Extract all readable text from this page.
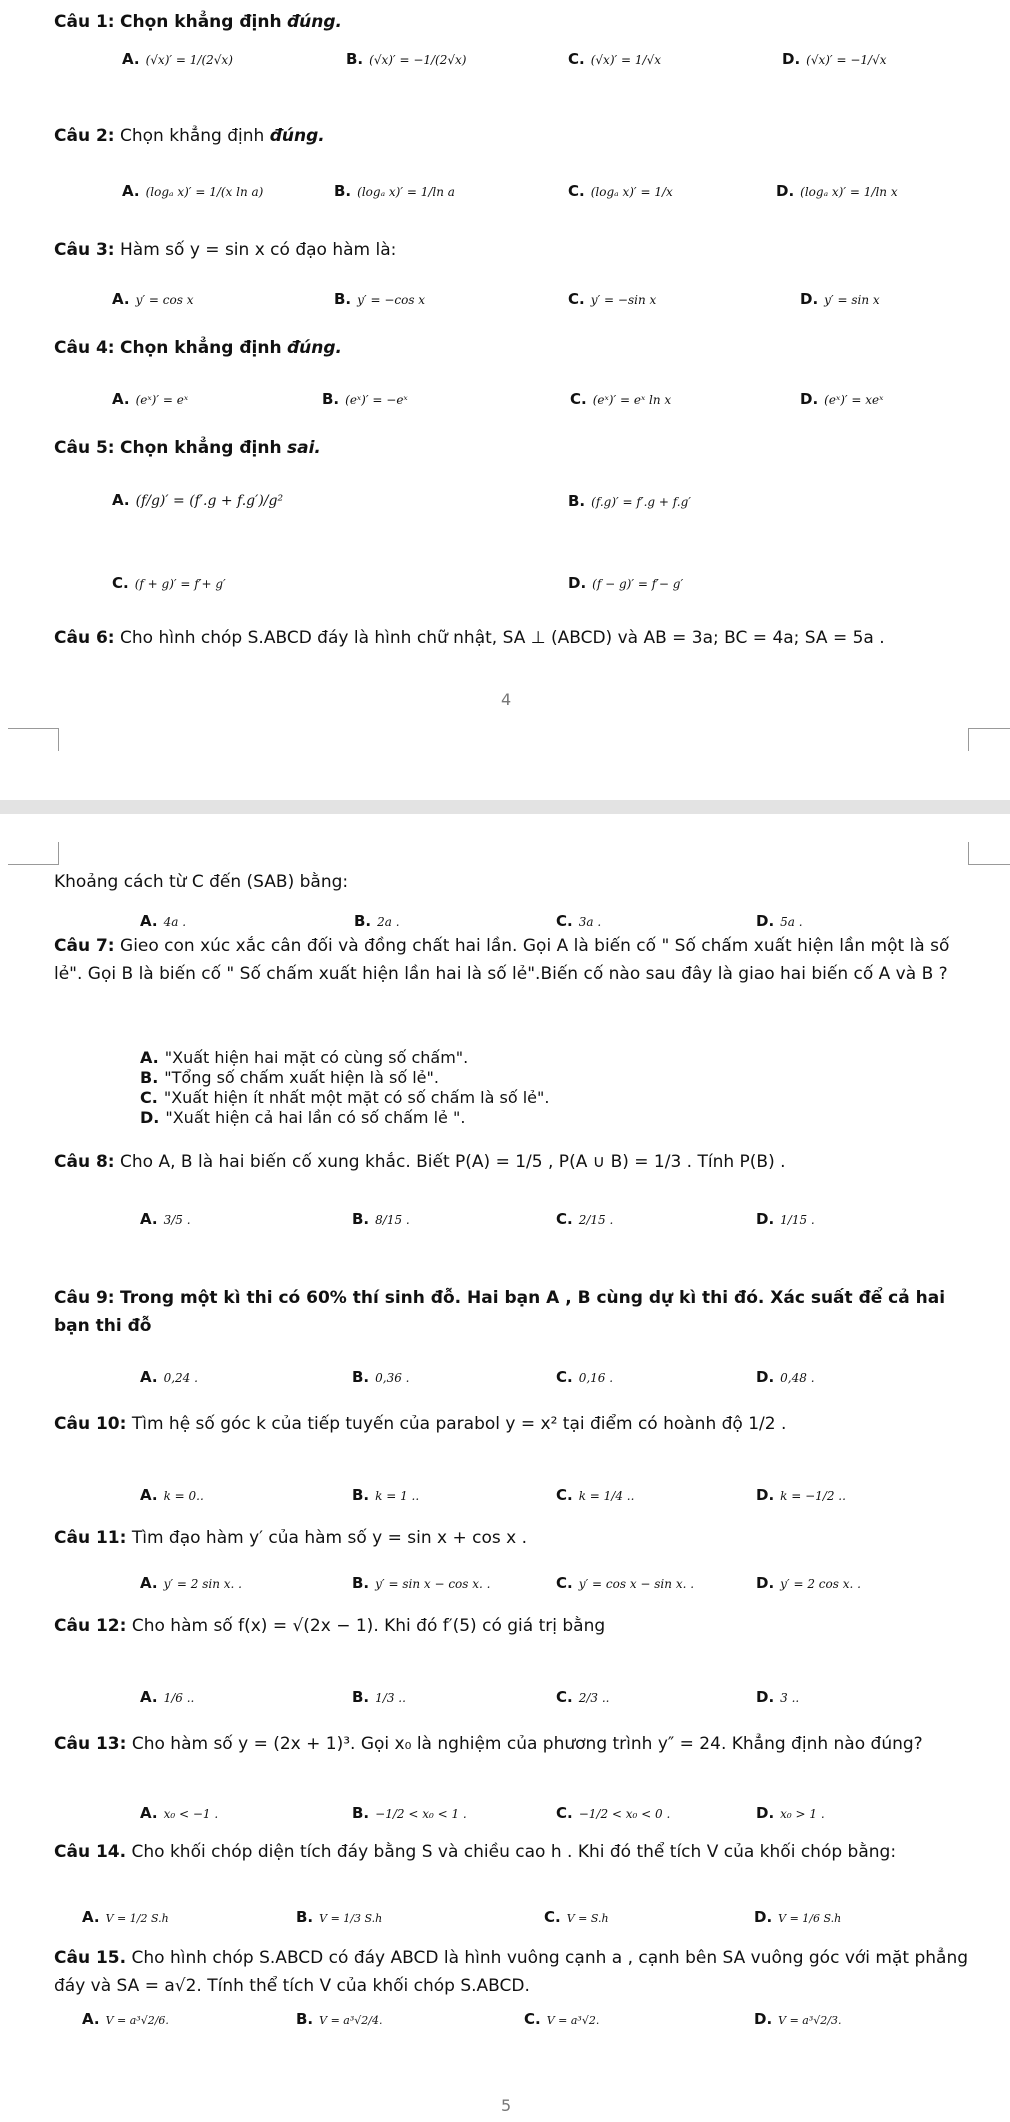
Câu 1: Chọn khẳng định đúng.
A. (√x)′ = 1/(2√x)	B. (√x)′ = −1/(2√x)	C. (√x)′ = 1/√x	D. (√x)′ = −1/√x
Câu 2: Chọn khẳng định đúng.
A. (logₐ x)′ = 1/(x ln a)	B. (logₐ x)′ = 1/ln a	C. (logₐ x)′ = 1/x	D. (logₐ x)′ = 1/ln x
Câu 3: Hàm số y = sin x có đạo hàm là:
A. y′ = cos x	B. y′ = −cos x	C. y′ = −sin x	D. y′ = sin x
Câu 4: Chọn khẳng định đúng.
A. (eˣ)′ = eˣ	B. (eˣ)′ = −eˣ	C. (eˣ)′ = eˣ ln x	D. (eˣ)′ = xeˣ
Câu 5: Chọn khẳng định sai.
A. (f/g)′ = (f′.g + f.g′)/g²	B. (f.g)′ = f′.g + f.g′
C. (f + g)′ = f′+ g′	D. (f − g)′ = f′− g′
Câu 6: Cho hình chóp S.ABCD đáy là hình chữ nhật, SA ⊥ (ABCD) và AB = 3a; BC = 4a; SA = 5a .
4
Khoảng cách từ C đến (SAB) bằng:
A. 4a .	B. 2a .	C. 3a .	D. 5a .
Câu 7: Gieo con xúc xắc cân đối và đồng chất hai lần. Gọi A là biến cố " Số chấm xuất hiện lần một là số lẻ". Gọi B là biến cố " Số chấm xuất hiện lần hai là số lẻ".Biến cố nào sau đây là giao hai biến cố A và B ?
A. "Xuất hiện hai mặt có cùng số chấm".
B. "Tổng số chấm xuất hiện là số lẻ".
C. "Xuất hiện ít nhất một mặt có số chấm là số lẻ".
D. "Xuất hiện cả hai lần có số chấm lẻ ".
Câu 8: Cho A, B là hai biến cố xung khắc. Biết P(A) = 1/5 , P(A ∪ B) = 1/3 . Tính P(B) .
A. 3/5 .	B. 8/15 .	C. 2/15 .	D. 1/15 .
Câu 9: Trong một kì thi có 60% thí sinh đỗ. Hai bạn A , B cùng dự kì thi đó. Xác suất để cả hai bạn thi đỗ
A. 0,24 .	B. 0,36 .	C. 0,16 .	D. 0,48 .
Câu 10: Tìm hệ số góc k của tiếp tuyến của parabol y = x² tại điểm có hoành độ 1/2 .
A. k = 0..	B. k = 1 ..	C. k = 1/4 ..	D. k = −1/2 ..
Câu 11: Tìm đạo hàm y′ của hàm số y = sin x + cos x .
A. y′ = 2 sin x. .	B. y′ = sin x − cos x. .	C. y′ = cos x − sin x. .	D. y′ = 2 cos x. .
Câu 12: Cho hàm số f(x) = √(2x − 1). Khi đó f′(5) có giá trị bằng
A. 1/6 ..	B. 1/3 ..	C. 2/3 ..	D. 3 ..
Câu 13: Cho hàm số y = (2x + 1)³. Gọi x₀ là nghiệm của phương trình y″ = 24. Khẳng định nào đúng?
A. x₀ < −1 .	B. −1/2 < x₀ < 1 .	C. −1/2 < x₀ < 0 .	D. x₀ > 1 .
Câu 14. Cho khối chóp diện tích đáy bằng S và chiều cao h . Khi đó thể tích V của khối chóp bằng:
A. V = 1/2 S.h	B. V = 1/3 S.h	C. V = S.h	D. V = 1/6 S.h
Câu 15. Cho hình chóp S.ABCD có đáy ABCD là hình vuông cạnh a , cạnh bên SA vuông góc với mặt phẳng đáy và SA = a√2. Tính thể tích V của khối chóp S.ABCD.
A. V = a³√2/6.	B. V = a³√2/4.	C. V = a³√2.	D. V = a³√2/3.
5
